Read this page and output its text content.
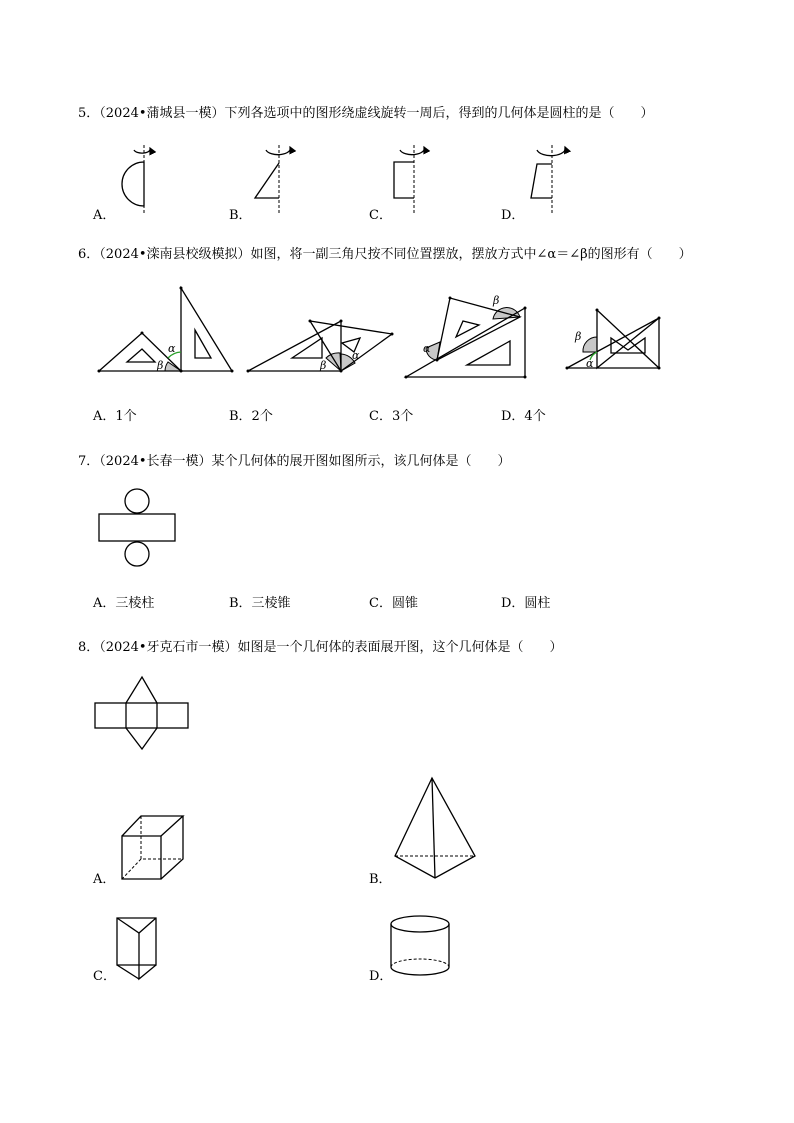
5．（2024•蒲城县一模）下列各选项中的图形绕虚线旋转一周后，得到的几何体是圆柱的是（　　）
A．	B．	C．	D．
6．（2024•滦南县校级模拟）如图，将一副三角尺按不同位置摆放，摆放方式中∠α＝∠β的图形有（　　）
α
β
α
β
α
β
α
β
A．1个	B．2个	C．3个	D．4个
7．（2024•长春一模）某个几何体的展开图如图所示，该几何体是（　　）
A．三棱柱	B．三棱锥	C．圆锥	D．圆柱
8．（2024•牙克石市一模）如图是一个几何体的表面展开图，这个几何体是（　　）
A．	B．
C．	D．
